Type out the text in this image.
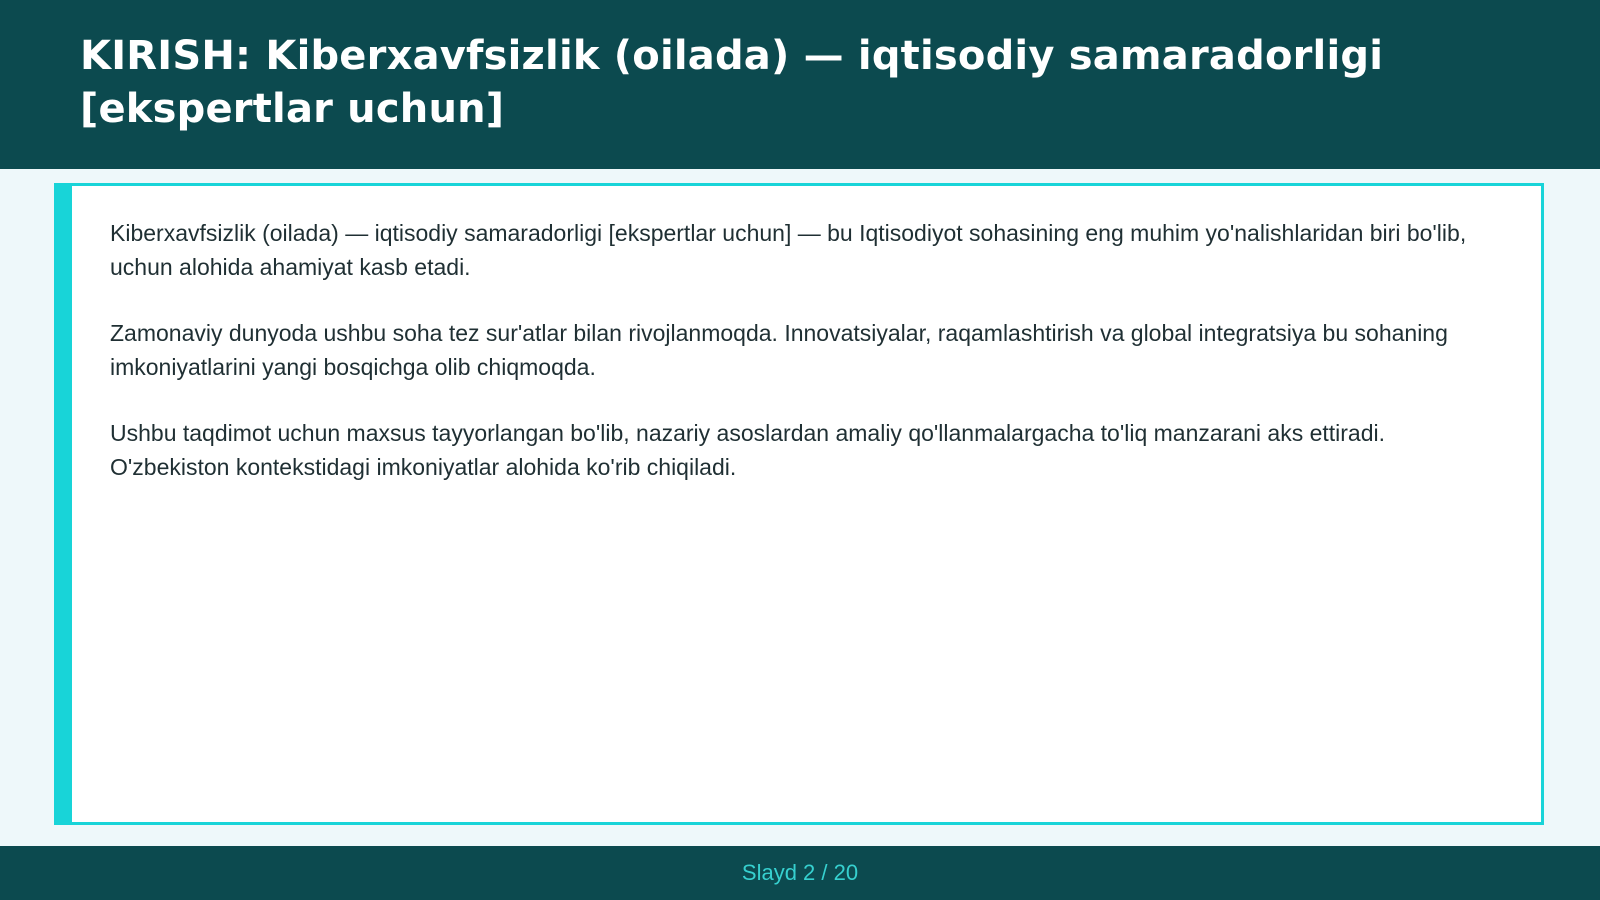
KIRISH: Kiberxavfsizlik (oilada) — iqtisodiy samaradorligi [ekspertlar uchun]

Kiberxavfsizlik (oilada) — iqtisodiy samaradorligi [ekspertlar uchun] — bu Iqtisodiyot sohasining eng muhim yo'nalishlaridan biri bo'lib, uchun alohida ahamiyat kasb etadi.

Zamonaviy dunyoda ushbu soha tez sur'atlar bilan rivojlanmoqda. Innovatsiyalar, raqamlashtirish va global integratsiya bu sohaning imkoniyatlarini yangi bosqichga olib chiqmoqda.

Ushbu taqdimot uchun maxsus tayyorlangan bo'lib, nazariy asoslardan amaliy qo'llanmalargacha to'liq manzarani aks ettiradi. O'zbekiston kontekstidagi imkoniyatlar alohida ko'rib chiqiladi.

Slayd 2 / 20
